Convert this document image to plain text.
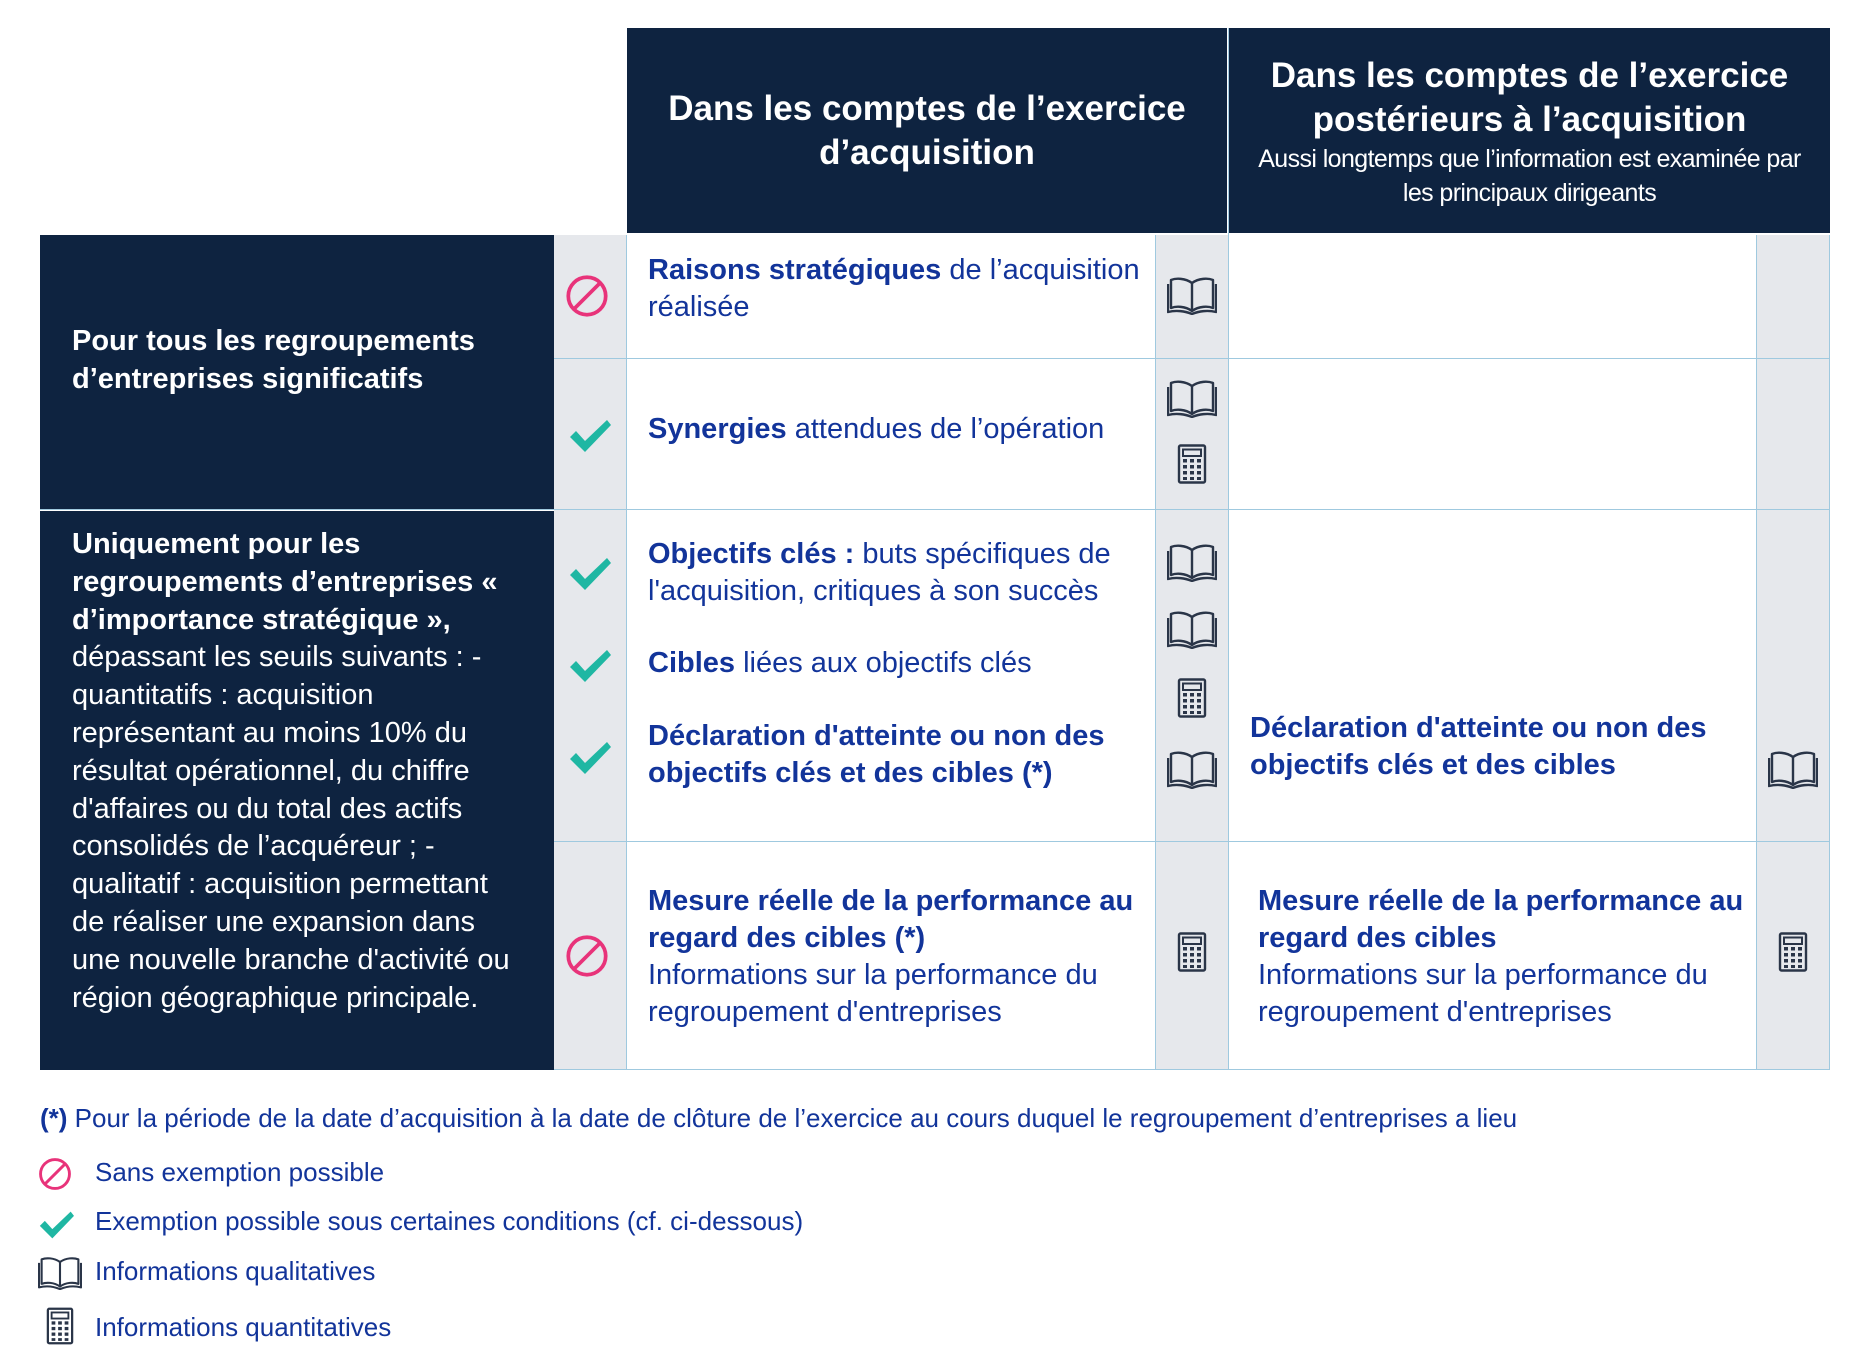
Dans les comptes de l’exercice d’acquisition
Dans les comptes de l’exercice postérieurs à l’acquisition
Aussi longtemps que l’information est examinée par les principaux dirigeants
Pour tous les regroupements d’entreprises significatifs
Uniquement pour les regroupements d’entreprises « d’importance stratégique », dépassant les seuils suivants : - quantitatifs : acquisition représentant au moins 10% du résultat opérationnel, du chiffre d'affaires ou du total des actifs consolidés de l’acquéreur ; - qualitatif : acquisition permettant de réaliser une expansion dans une nouvelle branche d'activité ou région géographique principale.
Raisons stratégiques de l’acquisition réalisée
Synergies attendues de l’opération
Objectifs clés : buts spécifiques de l'acquisition, critiques à son succès
Cibles liées aux objectifs clés
Déclaration d'atteinte ou non des objectifs clés et des cibles (*)
Mesure réelle de la performance au regard des cibles (*)
Informations sur la performance du regroupement d'entreprises
Déclaration d'atteinte ou non des objectifs clés et des cibles
Mesure réelle de la performance au regard des cibles
Informations sur la performance du regroupement d'entreprises
(*) Pour la période de la date d’acquisition à la date de clôture de l’exercice au cours duquel le regroupement d’entreprises a lieu
Sans exemption possible
Exemption possible sous certaines conditions (cf. ci-dessous)
Informations qualitatives
Informations quantitatives
